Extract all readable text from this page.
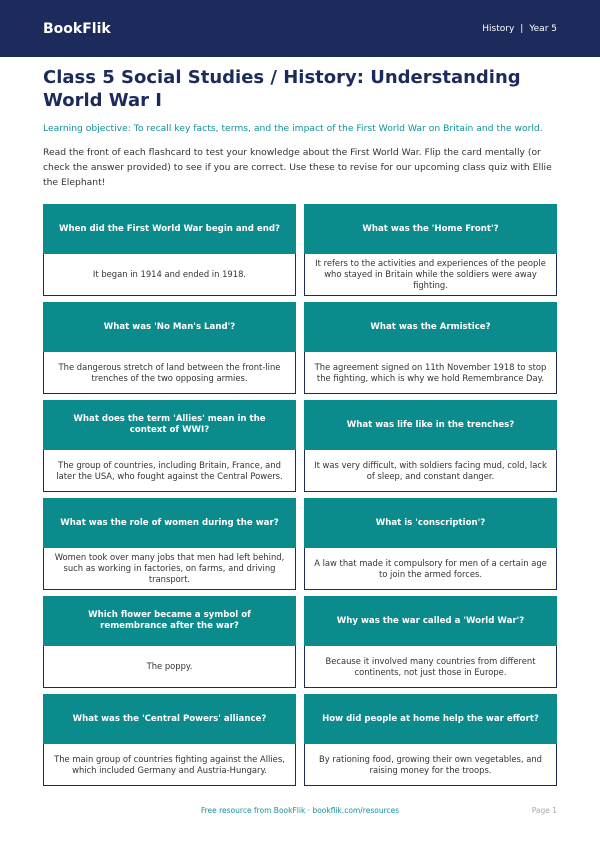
BookFlik	History | Year 5
Class 5 Social Studies / History: Understanding World War I

Learning objective: To recall key facts, terms, and the impact of the First World War on Britain and the world.

Read the front of each flashcard to test your knowledge about the First World War. Flip the card mentally (or check the answer provided) to see if you are correct. Use these to revise for our upcoming class quiz with Ellie the Elephant!

When did the First World War begin and end?
It began in 1914 and ended in 1918.
What was the 'Home Front'?
It refers to the activities and experiences of the people who stayed in Britain while the soldiers were away fighting.
What was 'No Man's Land'?
The dangerous stretch of land between the front-line trenches of the two opposing armies.
What was the Armistice?
The agreement signed on 11th November 1918 to stop the fighting, which is why we hold Remembrance Day.
What does the term 'Allies' mean in the context of WWI?
The group of countries, including Britain, France, and later the USA, who fought against the Central Powers.
What was life like in the trenches?
It was very difficult, with soldiers facing mud, cold, lack of sleep, and constant danger.
What was the role of women during the war?
Women took over many jobs that men had left behind, such as working in factories, on farms, and driving transport.
What is 'conscription'?
A law that made it compulsory for men of a certain age to join the armed forces.
Which flower became a symbol of remembrance after the war?
The poppy.
Why was the war called a 'World War'?
Because it involved many countries from different continents, not just those in Europe.
What was the 'Central Powers' alliance?
The main group of countries fighting against the Allies, which included Germany and Austria-Hungary.
How did people at home help the war effort?
By rationing food, growing their own vegetables, and raising money for the troops.
Free resource from BookFlik · bookflik.com/resources	Page 1
